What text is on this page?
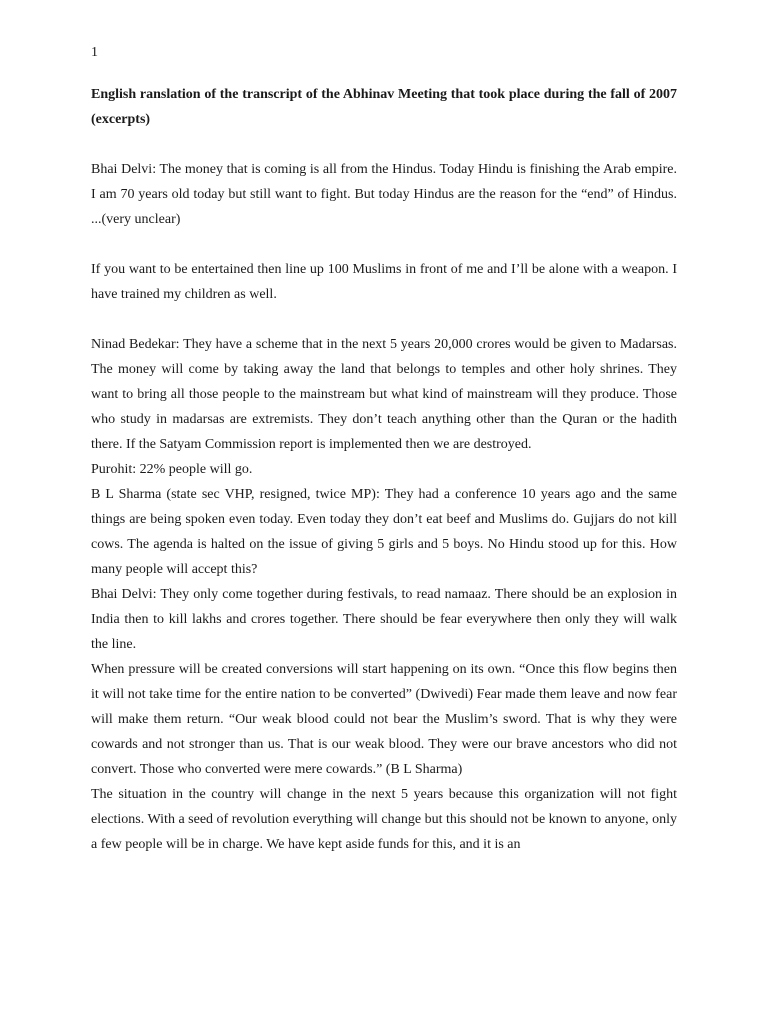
1

English ranslation of the transcript of the Abhinav Meeting that took place during the fall of 2007 (excerpts)

Bhai Delvi: The money that is coming is all from the Hindus. Today Hindu is finishing the Arab empire. I am 70 years old today but still want to fight. But today Hindus are the reason for the “end” of Hindus. ...(very unclear)

If you want to be entertained then line up 100 Muslims in front of me and I’ll be alone with a weapon. I have trained my children as well.

Ninad Bedekar: They have a scheme that in the next 5 years 20,000 crores would be given to Madarsas. The money will come by taking away the land that belongs to temples and other holy shrines. They want to bring all those people to the mainstream but what kind of mainstream will they produce. Those who study in madarsas are extremists. They don’t teach anything other than the Quran or the hadith there. If the Satyam Commission report is implemented then we are destroyed.

Purohit: 22% people will go.

B L Sharma (state sec VHP, resigned, twice MP): They had a conference 10 years ago and the same things are being spoken even today. Even today they don’t eat beef and Muslims do. Gujjars do not kill cows. The agenda is halted on the issue of giving 5 girls and 5 boys. No Hindu stood up for this. How many people will accept this?

Bhai Delvi: They only come together during festivals, to read namaaz. There should be an explosion in India then to kill lakhs and crores together. There should be fear everywhere then only they will walk the line.

When pressure will be created conversions will start happening on its own. “Once this flow begins then it will not take time for the entire nation to be converted” (Dwivedi) Fear made them leave and now fear will make them return. “Our weak blood could not bear the Muslim’s sword. That is why they were cowards and not stronger than us. That is our weak blood. They were our brave ancestors who did not convert. Those who converted were mere cowards.” (B L Sharma)

The situation in the country will change in the next 5 years because this organization will not fight elections. With a seed of revolution everything will change but this should not be known to anyone, only a few people will be in charge. We have kept aside funds for this, and it is an
